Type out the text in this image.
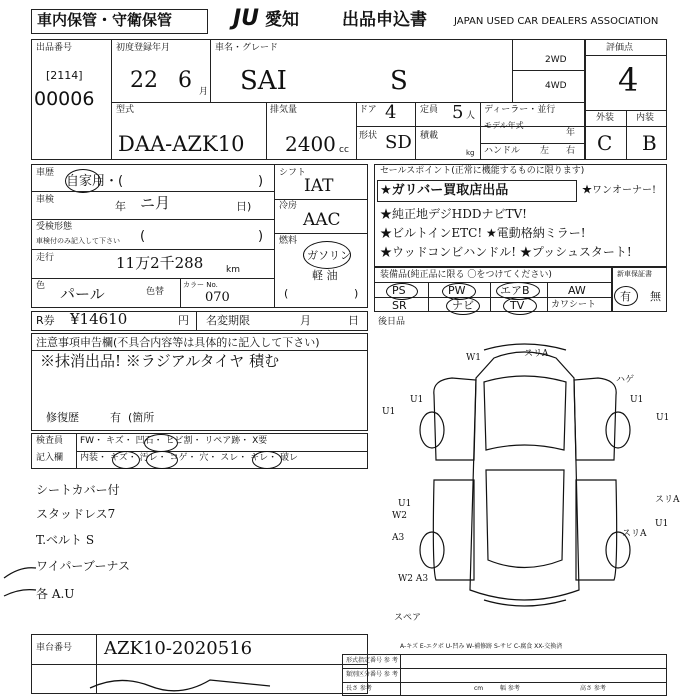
車内保管・守衛保管	JU 愛知	出品申込書	JAPAN USED CAR DEALERS ASSOCIATION
出品番号
[2114]
00006
初度登録年月
22 6 月
車名・グレード
SAI	S
2WD
4WD
評価点
4
外装 内装
C B
型式
DAA-AZK10
排気量
2400 cc
ドア 4
形状 SD
定員 5 人
積載
kg
ディーラー・並行
モデル年式
年
ハンドル 左 右
車歴
自家用・(	)
車検	年 ニ月	日)
受検形態
車検付のみ記入して下さい (	)
走行	11万2千288	km
色 パール	色替
カラー No.
070
シフト
IAT
冷房
AAC
燃料
ガソリン
軽 油
(	)
R券 ¥14610	円 名変期限	月	日
セールスポイント(正常に機能するものに限ります)
★ガリバー買取店出品	★ワンオーナー!
★純正地デジHDDナビTV!
★ビルトインETC! ★電動格納ミラー!
★ウッドコンビハンドル! ★プッシュスタート!
装備品(純正品に限る 〇をつけてください)
PS	PW	エアB	AW
SR	ナビ	TV	カワシート
新車保証書
有 無
後日品
注意事項申告欄(不具合内容等は具体的に記入して下さい)
※抹消出品! ※ラジアルタイヤ 積む
修復歴	有 (箇所
検査員
記入欄
FW・ キズ・ 凹石・ ヒビ割・ リペア跡・ X要
内装・ キズ・ 汚レ・ コゲ・ 穴・ スレ・ キレ・ 破レ
シートカバー付
スタッドレス7
T.ベルト S
ワイパーブーナス
各 A.U
W1	スリA
ハゲ
U1
U1
W2
A3
U1
W2 A3
U1
U1
スリA
スリA
U1
スペア
A-キズ E-エクボ U-凹み W-補修跡 S-サビ C-腐食 XX-交換済
車台番号 AZK10-2020516
形式指定番号 参 考
類別区分番号 参 考
長さ 参考	幅 参考	高さ 参考
cm
